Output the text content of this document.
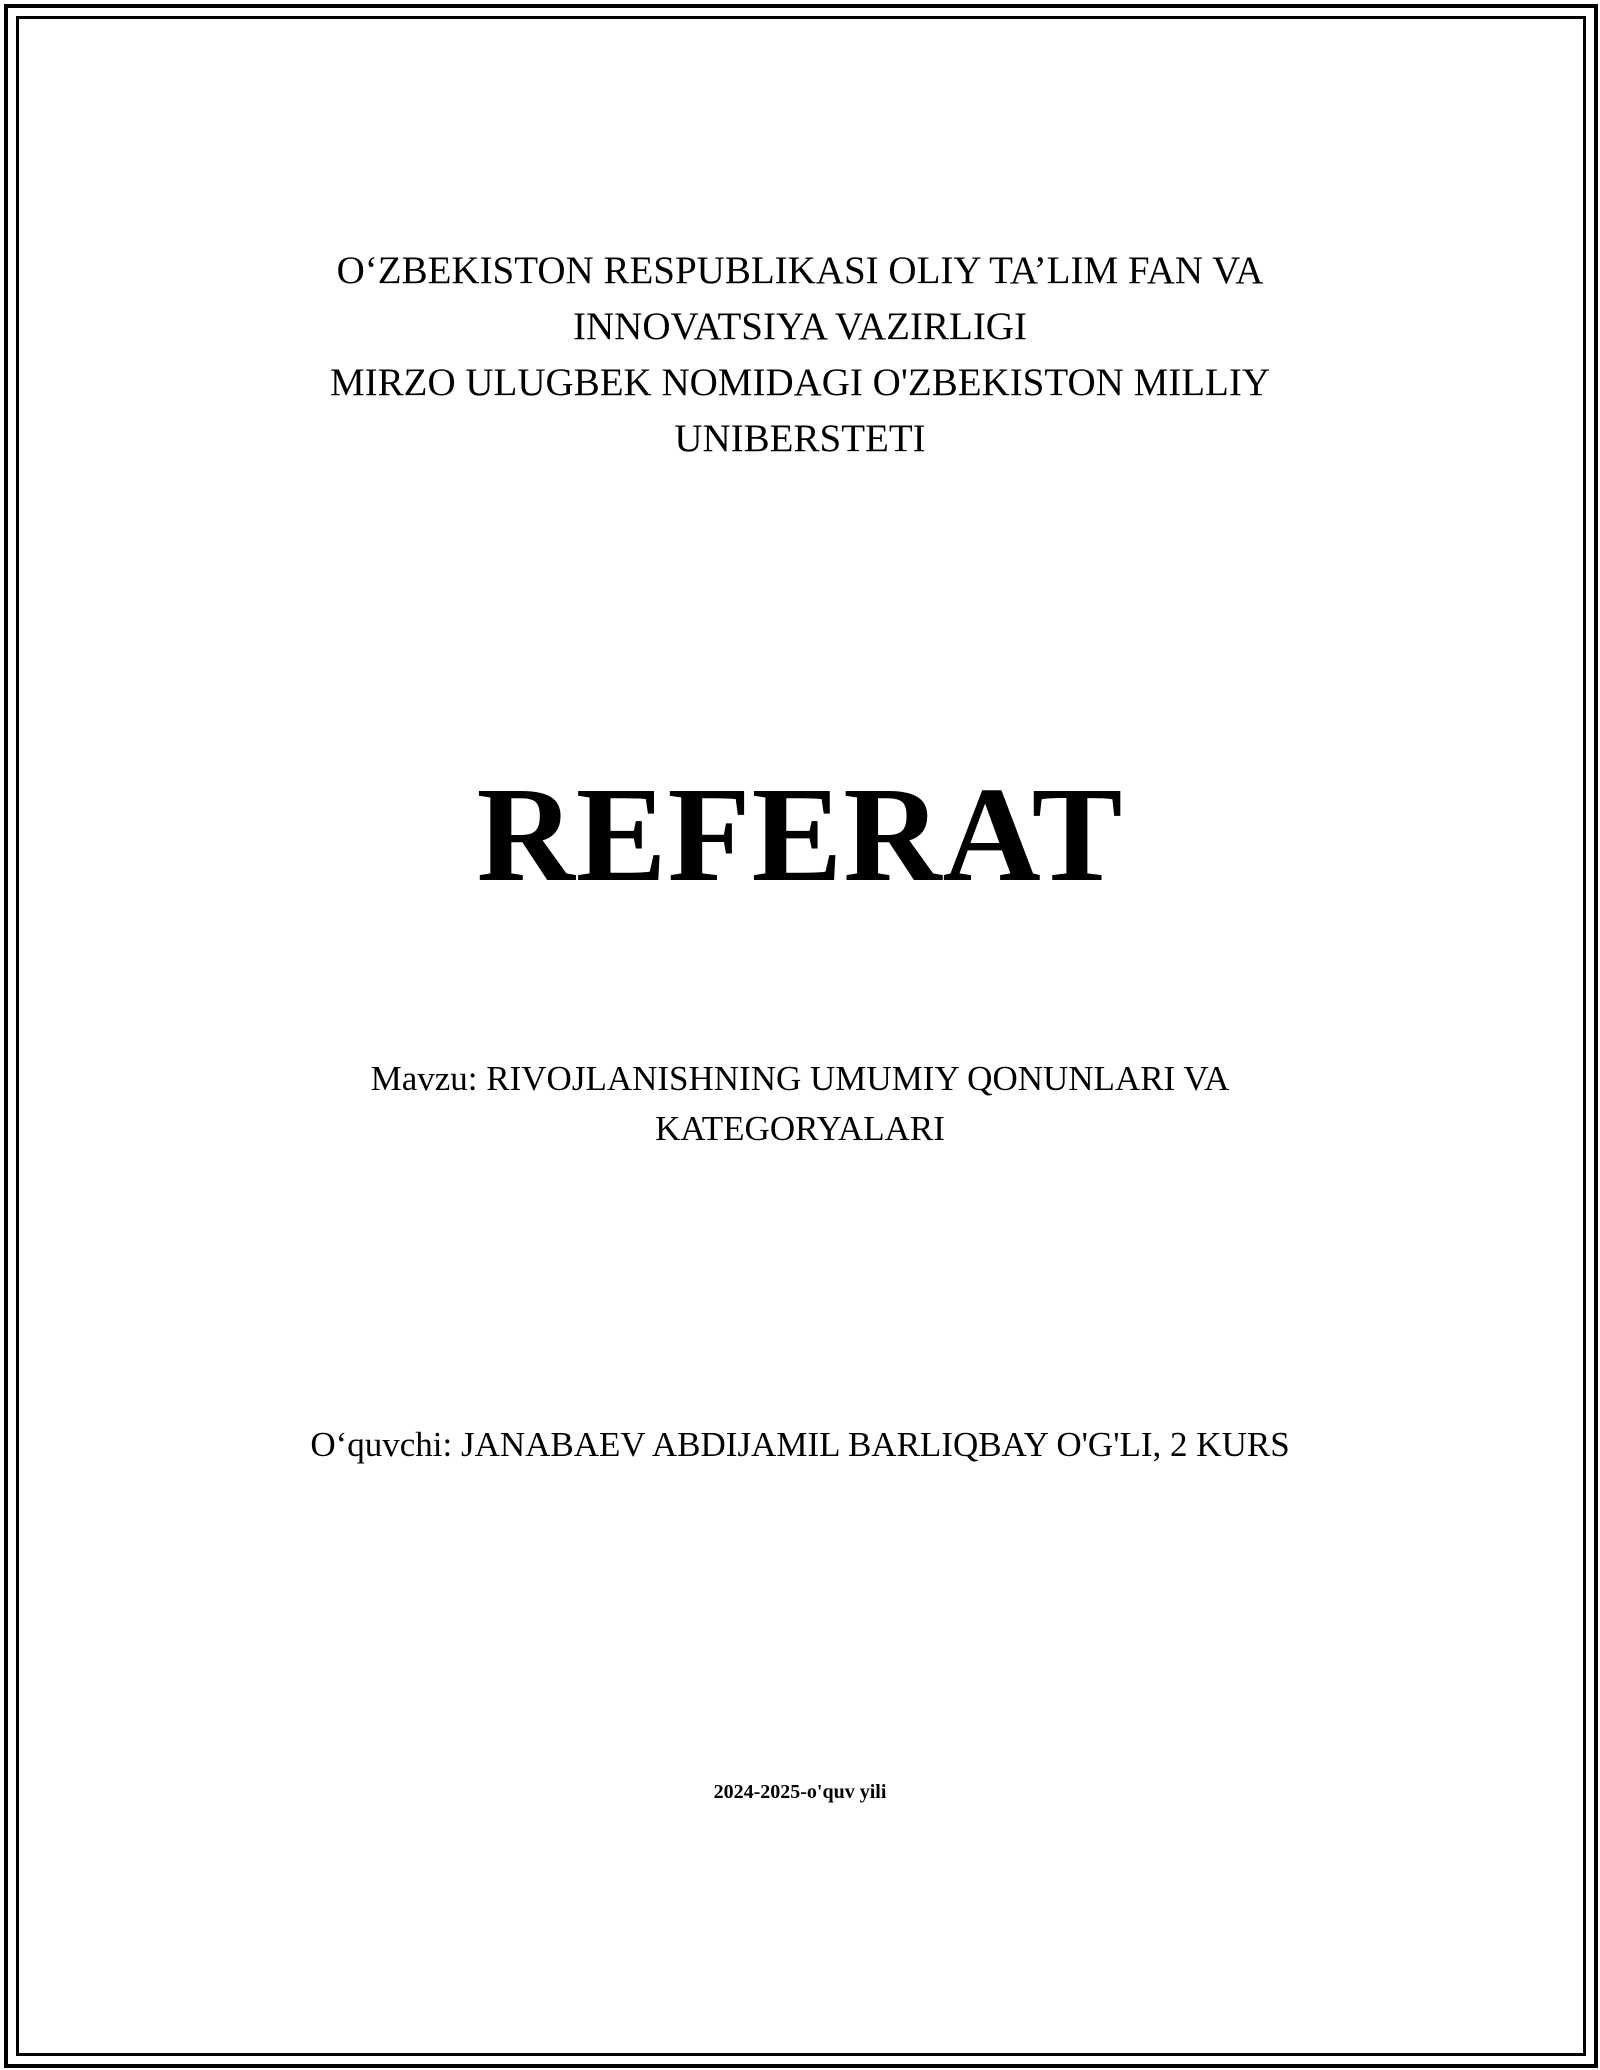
O‘ZBEKISTON RESPUBLIKASI OLIY TA’LIM FAN VA
INNOVATSIYA VAZIRLIGI
MIRZO ULUGBEK NOMIDAGI O'ZBEKISTON MILLIY
UNIBERSTETI
REFERAT
Mavzu: RIVOJLANISHNING UMUMIY QONUNLARI VA
KATEGORYALARI
O‘quvchi: JANABAEV ABDIJAMIL BARLIQBAY O'G'LI, 2 KURS
2024-2025-o'quv yili
